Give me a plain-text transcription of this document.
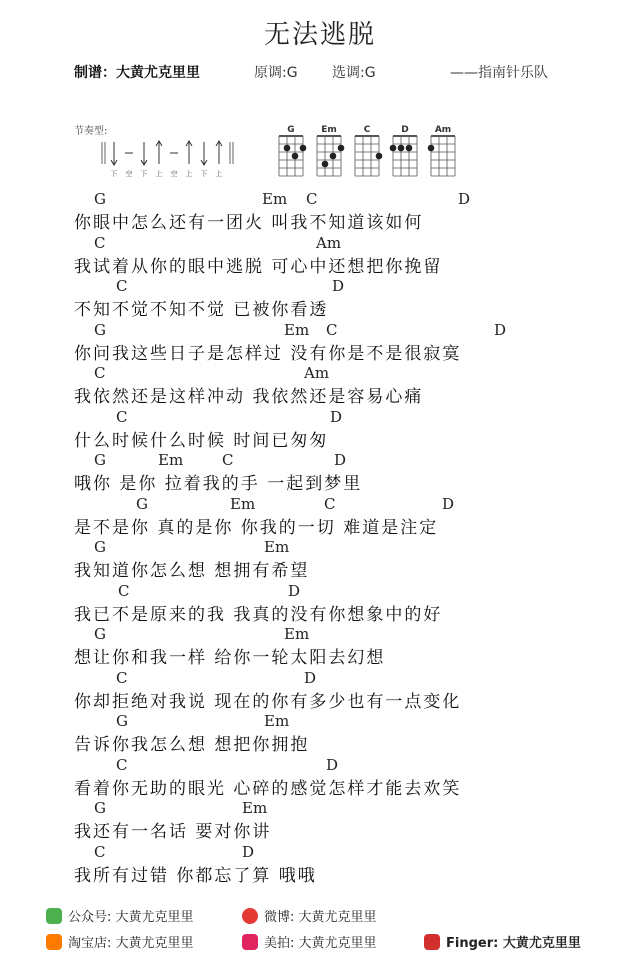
无法逃脱
制谱：大黄尤克里里	原调:G 选调:G	——指南针乐队
节奏型:
下 空 下 上 空 上 下 上
G	Em	C	D	Am
G	Em C	D
你眼中怎么还有一团火 叫我不知道该如何
C	Am
我试着从你的眼中逃脱 可心中还想把你挽留
C	D
不知不觉不知不觉 已被你看透
G	Em C	D
你问我这些日子是怎样过 没有你是不是很寂寞
C	Am
我依然还是这样冲动 我依然还是容易心痛
C	D
什么时候什么时候 时间已匆匆
G	Em	C	D
哦你 是你 拉着我的手 一起到梦里
G	Em	C	D
是不是你 真的是你 你我的一切 难道是注定
G	Em
我知道你怎么想 想拥有希望
C	D
我已不是原来的我 我真的没有你想象中的好
G	Em
想让你和我一样 给你一轮太阳去幻想
C	D
你却拒绝对我说 现在的你有多少也有一点变化
G	Em
告诉你我怎么想 想把你拥抱
C	D
看着你无助的眼光 心碎的感觉怎样才能去欢笑
G	Em
我还有一名话 要对你讲
C	D
我所有过错 你都忘了算 哦哦
公众号: 大黄尤克里里	微博: 大黄尤克里里
淘宝店: 大黄尤克里里	美拍: 大黄尤克里里	Finger: 大黄尤克里里
